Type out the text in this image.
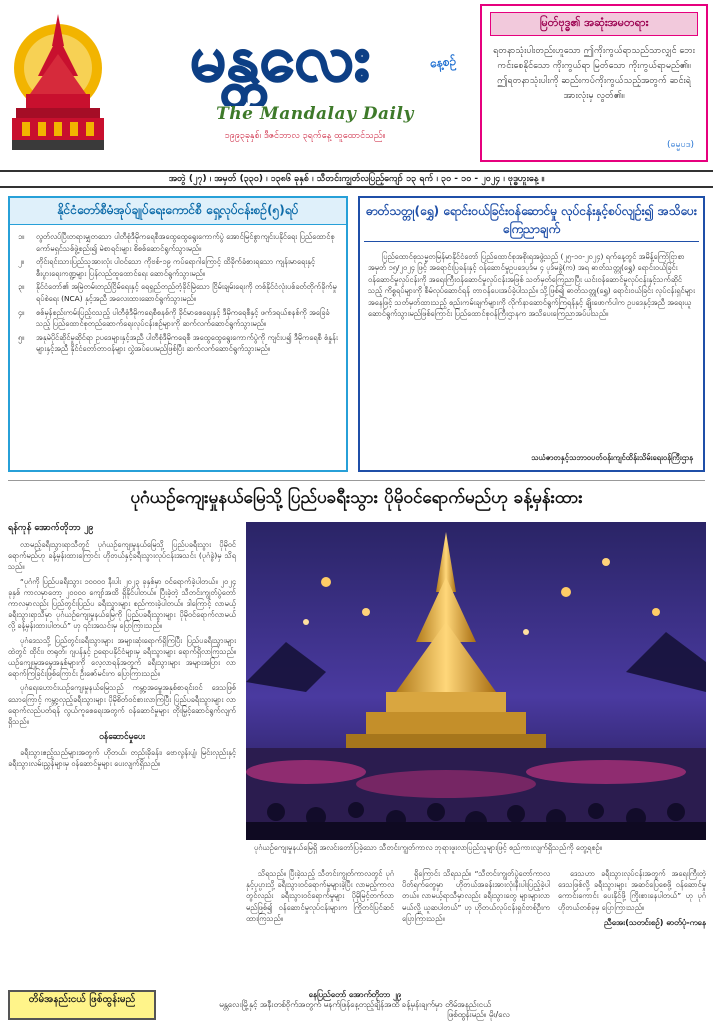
မန္တလေး	နေ့စဉ်
The Mandalay Daily
၁၉၉၃ခုနှစ်၊ ဒီဇင်ဘာလ ၃ရက်နေ့ ထူထောင်သည်။
မြတ်ဗုဒ္ဓ၏ အဆုံးအမတရား
ရတနာသုံးပါးတည်းဟူသော ဤကိုးကွယ်ရာသည်သာလျှင် ဘေးကင်းစေနိုင်သော ကိုးကွယ်ရာ မြတ်သော ကိုးကွယ်ရာမည်၏။ ဤရတနာသုံးပါးကို ဆည်းကပ်ကိုးကွယ်သည့်အတွက် ဆင်းရဲအားလုံးမှ လွတ်၏။
(ဓမ္မပဒ)
အတွဲ (၂၇) ၊ အမှတ် (၃၃၀) ၊ ၁၃၈၆ ခုနှစ် ၊ သီတင်းကျွတ်လပြည့်ကျော် ၁၃ ရက် ၊ ၃၀ - ၁၀ - ၂၀၂၄ ၊ ဗုဒ္ဓဟူးနေ့ ။
နိုင်ငံတော်စီမံအုပ်ချုပ်ရေးကောင်စီ ရှေ့လုပ်ငန်းစဉ်(၅)ရပ်
၁။	လွတ်လပ်ပြီးတရားမျှတသော ပါတီစုံဒီမိုကရေစီအထွေထွေရွေးကောက်ပွဲ အောင်မြင်စွာကျင်းပနိုင်ရေး ပြည်ထောင်စုကော်မရှင်သစ်ဖွဲ့စည်း၍ မဲစာရင်းများ စိစစ်ဆောင်ရွက်သွားမည်။
၂။	တိုင်းရင်းသားပြည်သူအားလုံး ပါဝင်သော ကိုဗစ်-၁၉ ကပ်ရောဂါကြောင့် ထိခိုက်ခံစားရသော ကျန်းမာရေးနှင့် စီးပွားရေးကဏ္ဍများ ပြန်လည်ထူထောင်ရေး ဆောင်ရွက်သွားမည်။
၃။	နိုင်ငံတော်၏ အမြဲတမ်းတည်ငြိမ်ရေးနှင့် ရေရှည်တည်တံ့ခိုင်မြဲသော ငြိမ်းချမ်းရေးကို တစ်နိုင်ငံလုံးပစ်ခတ်တိုက်ခိုက်မှုရပ်စဲရေး (NCA) နှင့်အညီ အလေးထားဆောင်ရွက်သွားမည်။
၄။	စစ်မှန်စည်းကမ်းပြည့်ဝသည့် ပါတီစုံဒီမိုကရေစီစနစ်ကို ခိုင်မာစေရေးနှင့် ဒီမိုကရေစီနှင့် ဖက်ဒရယ်စနစ်ကို အခြေခံသည့် ပြည်ထောင်စုတည်ဆောက်ရေးလုပ်ငန်းစဉ်များကို ဆက်လက်ဆောင်ရွက်သွားမည်။
၅။	အနုမဲပိုင်ဆိုင်မှုဆိုင်ရာ ဥပဒေများနှင့်အညီ ပါတီစုံဒီမိုကရေစီ အထွေထွေရွေးကောက်ပွဲကို ကျင်းပ၍ ဒီမိုကရေစီ စံနှုန်းများနှင့်အညီ နိုင်ငံတော်တာဝန်များ လွှဲအပ်ပေးမည်ဖြစ်ပြီး ဆက်လက်ဆောင်ရွက်သွားမည်။
ဓာတ်သတ္တု(ရွှေ) ရောင်းဝယ်ခြင်းဝန်ဆောင်မှု လုပ်ငန်းနှင့်စပ်လျဉ်း၍ အသိပေးကြေညာချက်
ပြည်ထောင်စုသမ္မတမြန်မာနိုင်ငံတော် ပြည်ထောင်စုအစိုးရအဖွဲ့သည် (၂၅-၁၀-၂၀၂၄) ရက်နေ့တွင် အမိန့်ကြော်ငြာစာအမှတ် ၁၅/၂၀၂၄ ဖြင့် အရောင်းပြခန်းနှင့် ဝန်ဆောင်မှုဥပဒေပုဒ်မ ၄ ပုဒ်မခွဲ(က) အရ ဓာတ်သတ္တု(ရွှေ) ရောင်းဝယ်ခြင်းဝန်ဆောင်မှုလုပ်ငန်းကို အရေးကြီးဝန်ဆောင်မှုလုပ်ငန်းအဖြစ် သတ်မှတ်ကြေညာပြီး ယင်းဝန်ဆောင်မှုလုပ်ငန်းနှင့်သက်ဆိုင်သည့် ကိစ္စရပ်များကို စီမံလုပ်ဆောင်ရန် တာဝန်ပေးအပ်ခဲ့ပါသည်။ သို့ဖြစ်၍ ဓာတ်သတ္တု(ရွှေ) ရောင်းဝယ်ခြင်း လုပ်ငန်းရှင်များအနေဖြင့် သတ်မှတ်ထားသည့် စည်းကမ်းချက်များကို လိုက်နာဆောင်ရွက်ကြရန်နှင့် ချိုးဖောက်ပါက ဥပဒေနှင့်အညီ အရေးယူဆောင်ရွက်သွားမည်ဖြစ်ကြောင်း ပြည်ထောင်စုဝန်ကြီးဌာနက အသိပေးကြေညာအပ်ပါသည်။
သယံဇာတနှင့်သဘာဝပတ်ဝန်းကျင်ထိန်းသိမ်းရေးဝန်ကြီးဌာန
ပုဂံယဉ်ကျေးမှုနယ်မြေသို့ ပြည်ပခရီးသွား ပိုမိုဝင်ရောက်မည်ဟု ခန့်မှန်းထား
ရန်ကုန် အောက်တိုဘာ ၂၉

လာမည့်ခရီးသွားရာသီတွင် ပုဂံယဉ်ကျေးမှုနယ်မြေသို့ ပြည်ပခရီးသွား ပိုမိုဝင်ရောက်မည်ဟု ခန့်မှန်းထားကြောင်း ဟိုတယ်နှင့်ခရီးသွားလုပ်ငန်းအသင်း (ပုဂံခွဲ)မှ သိရသည်။

“ပုဂံကို ပြည်ပခရီးသွား ၁၀၀၀၀ နီးပါး ၂၀၂၃ ခုနှစ်မှာ ဝင်ရောက်ခဲ့ပါတယ်။ ၂၀၂၄ ခုနှစ် ကာလမှာတော့ ၂၀၀၀၀ ကျော်အထိ ရှိနိုင်ပါတယ်။ ပြီးခဲ့တဲ့ သီတင်းကျွတ်ပွဲတော်ကာလမှာလည်း ပြည်တွင်းပြည်ပ ခရီးသွားများ စည်ကားခဲ့ပါတယ်။ ဒါကြောင့် လာမယ့်ခရီးသွားရာသီမှာ ပုဂံယဉ်ကျေးမှုနယ်မြေကို ပြည်ပခရီးသွားများ ပိုမိုဝင်ရောက်လာမယ်လို့ ခန့်မှန်းထားပါတယ်” ဟု ၎င်းအသင်းမှ ပြောကြားသည်။

ပုဂံဒေသသို့ ပြည်တွင်းခရီးသွားများ အများဆုံးရောက်ရှိကြပြီး ပြည်ပခရီးသွားများထဲတွင် ထိုင်း၊ တရုတ်၊ ဂျပန်နှင့် ဥရောပနိုင်ငံများမှ ခရီးသွားများ ရောက်ရှိလာကြသည်။ ယဉ်ကျေးမှုအမွေအနှစ်များကို လေ့လာရန်အတွက် ခရီးသွားများ အများအပြား လာရောက်ကြခြင်းဖြစ်ကြောင်း ဦးဇော်မင်းက ပြောကြားသည်။

ပုဂံရေးဟောင်းယဉ်ကျေးမှုနယ်မြေသည် ကမ္ဘာ့အမွေအနှစ်စာရင်းဝင် ဒေသဖြစ်သောကြောင့် ကမ္ဘာ့လှည့်ခရီးသွားများ ပိုမိုစိတ်ဝင်စားလာကြပြီး ပြည်ပခရီးသွားများ လာရောက်လည်ပတ်ရန် လွယ်ကူစေရေးအတွက် ဝန်ဆောင်မှုများ တိုးမြှင့်ဆောင်ရွက်လျက်ရှိသည်။

ဝန်ဆောင်မှုပေး

ခရီးသွားဧည့်သည်များအတွက် ဟိုတယ်၊ တည်းခိုခန်း၊ ဗောလွန်းပျံ၊ မြင်းလှည်းနှင့် ခရီးသွားလမ်းညွှန်များမှ ဝန်ဆောင်မှုများ ပေးလျက်ရှိသည်။

ပုဂံယဉ်ကျေးမှုနယ်မြေရှိ အလင်းတော်ပြခဲ့သော သီတင်းကျွတ်ကာလ ဘုရားဖူးလာပြည်သူများဖြင့် စည်ကားလျက်ရှိသည်ကို တွေ့ရစဉ်။

သိရသည်။ ပြီးခဲ့သည့် သီတင်းကျွတ်ကာလတွင် ပုဂံနှင့်ပုပ္ပားသို့ ခရီးသွားဝင်ရောက်မှုများခဲ့ပြီး လာမည့်ကာလတွင်လည်း ခရီးသွားဝင်ရောက်မှုများ ပိုမိုမြင့်တက်လာမည်ဖြစ်၍ ဝန်ဆောင်မှုလုပ်ငန်းများက ကြိုတင်ပြင်ဆင်ထားကြသည်။

ရှိကြောင်း သိရသည်။ “သီတင်းကျွတ်ပွဲတော်ကာလ ပိတ်ရက်တွေမှာ ဟိုတယ်အခန်းအားလုံးနီးပါးပြည့်ခဲ့ပါတယ်။ လာမယ့်ရာသီမှာလည်း ခရီးသွားတွေ များများလာမယ်လို့ ယူဆပါတယ်” ဟု ဟိုတယ်လုပ်ငန်းရှင်တစ်ဦးက ပြောကြားသည်။

ဒေသဟာ ခရီးသွားလုပ်ငန်းအတွက် အရေးကြီးတဲ့ဒေသဖြစ်လို့ ခရီးသွားများ အဆင်ပြေစေဖို့ ဝန်ဆောင်မှုကောင်းကောင်း ပေးနိုင်ဖို့ ကြိုးစားနေပါတယ်” ဟု ပုဂံဟိုတယ်တစ်ခုမှ ပြောကြားသည်။

ညီအေး(သတင်းစဉ်) ဓာတ်ပုံ-ကနေ
တိမ်အနည်းငယ် ဖြစ်ထွန်းမည်	နေပြည်တော် အောက်တိုဘာ ၂၉
မန္တလေးမြို့နှင့် အနီးတစ်ဝိုက်အတွက် မနက်ဖြန်နေ့တည့်ချိန်အထိ ခန့်မှန်းချက်မှာ တိမ်အနည်းငယ်
ဖြစ်ထွန်းမည်။ မိုး/လေ
